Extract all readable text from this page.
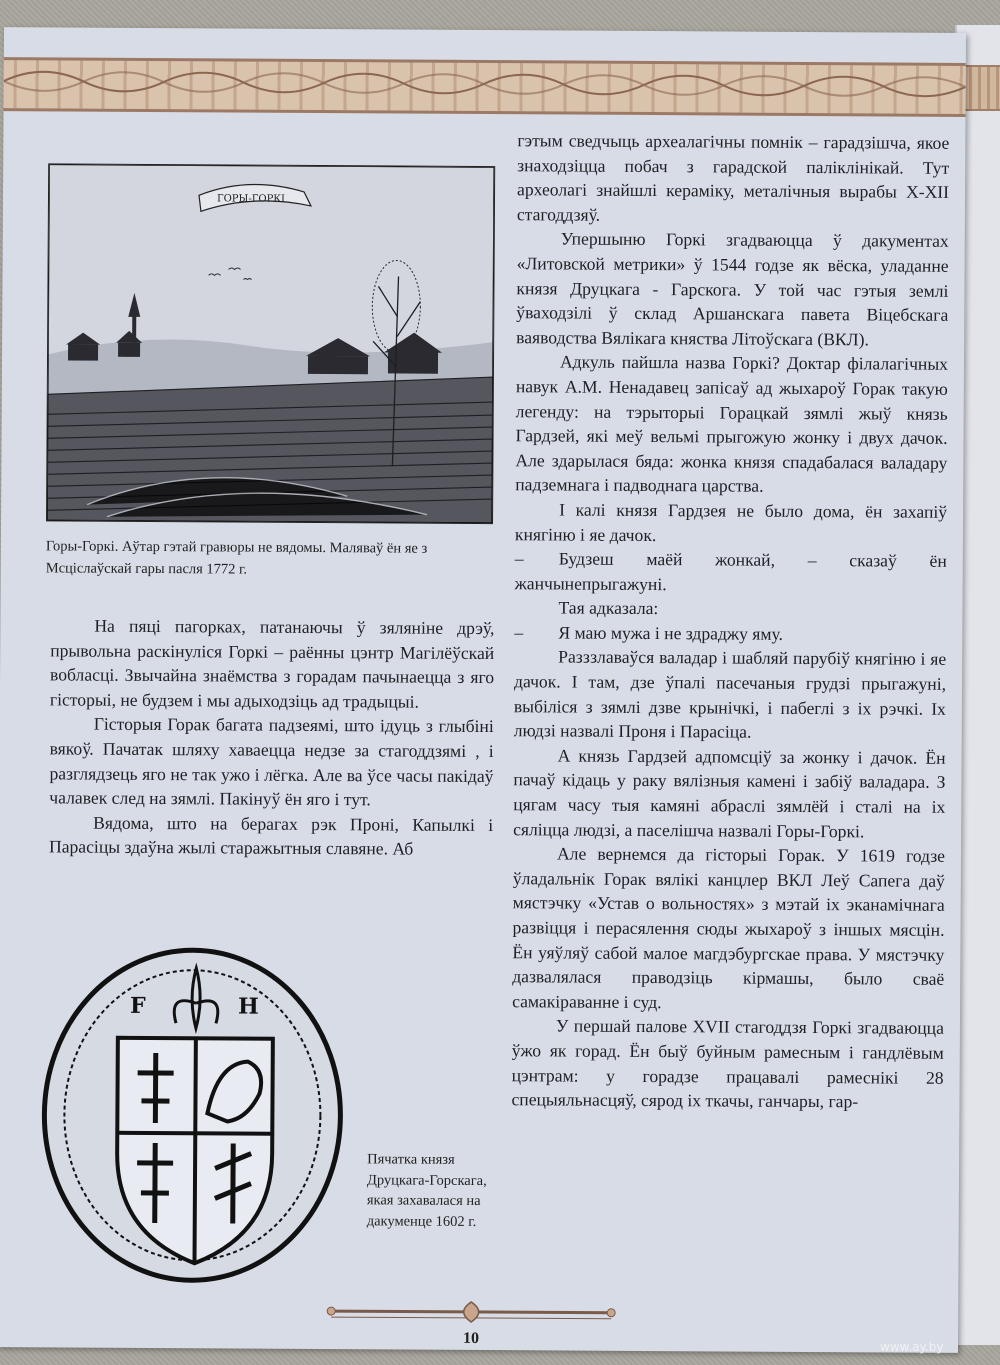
ГОРЫ-ГОРКІ
Горы-Горкі. Аўтар гэтай гравюры не вядомы. Маляваў ён яе з Мсціслаўскай гары пасля 1772 г.

На пяці пагорках, патанаючы ў зяляніне дрэў, прывольна раскінуліся Горкі – раённы цэнтр Магілёўскай вобласці. Звычайна знаёмства з горадам пачынаецца з яго гісторыі, не будзем і мы адыходзіць ад традыцыі.

Гісторыя Горак багата падзеямі, што ідуць з глыбіні вякоў. Пачатак шляху хаваецца недзе за стагоддзямі , і разглядзець яго не так ужо і лёгка. Але ва ўсе часы пакідаў чалавек след на зямлі. Пакінуў ён яго і тут.

Вядома, што на берагах рэк Проні, Капылкі і Парасіцы здаўна жылі старажытныя славяне. Аб

F	H
Пячатка князя Друцкага-Горскага, якая захавалася на дакуменце 1602 г.

гэтым сведчыць археалагічны помнік – гарадзішча, якое знаходзіцца побач з гарадской палiклiнiкай. Тут археолагі знайшлі кераміку, металічныя вырабы X-XII стагоддзяў.

Упершыню Горкі згадваюцца ў дакументах «Литовской метрики» ў 1544 годзе як вёска, уладанне князя Друцкага - Гарскога. У той час гэтыя землі ўваходзілі ў склад Аршанскага павета Віцебскага ваяводства Вялікага княства Літоўскага (ВКЛ).

Адкуль пайшла назва Горкі? Доктар філалагічных навук А.М. Ненадавец запісаў ад жыхароў Горак такую легенду: на тэрыторыі Горацкай зямлі жыў князь Гардзей, які меў вельмі прыгожую жонку і двух дачок. Але здарылася бяда: жонка князя спадабалася валадару падземнага і падводнага царства.

І калі князя Гардзея не было дома, ён захапіў княгіню і яе дачок.

– Будзеш маёй жонкай, – сказаў ён жанчынепрыгажуні.

Тая адказала:

– Я маю мужа і не здраджу яму.

Разззлаваўся валадар і шабляй парубіў княгіню і яе дачок. І там, дзе ўпалі пасечаныя грудзі прыгажуні, выбіліся з зямлі дзве крынічкі, і пабеглі з іх рэчкі. Іх людзі назвалі Проня і Парасіца.

А князь Гардзей адпомсціў за жонку і дачок. Ён пачаў кідаць у раку вялізныя камені і забіў валадара. З цягам часу тыя камяні абраслі зямлёй і сталі на іх сяліцца людзі, а паселішча назвалі Горы-Горкі.

Але вернемся да гісторыі Горак. У 1619 годзе ўладальнік Горак вялікі канцлер ВКЛ Леў Сапега даў мястэчку «Устав о вольностях» з мэтай іх эканамічнага развіцця і перасялення сюды жыхароў з іншых мясцін. Ён уяўляў сабой малое магдэбургскае права. У мястэчку дазвалялася праводзіць кірмашы, было сваё самакіраванне і суд.

У першай палове XVII стагоддзя Горкі згадваюцца ўжо як горад. Ён быў буйным рамесным і гандлёвым цэнтрам: у горадзе працавалі рамеснікі 28 спецыяльнасцяў, сярод іх ткачы, ганчары, гар-

10	www.ay.by
